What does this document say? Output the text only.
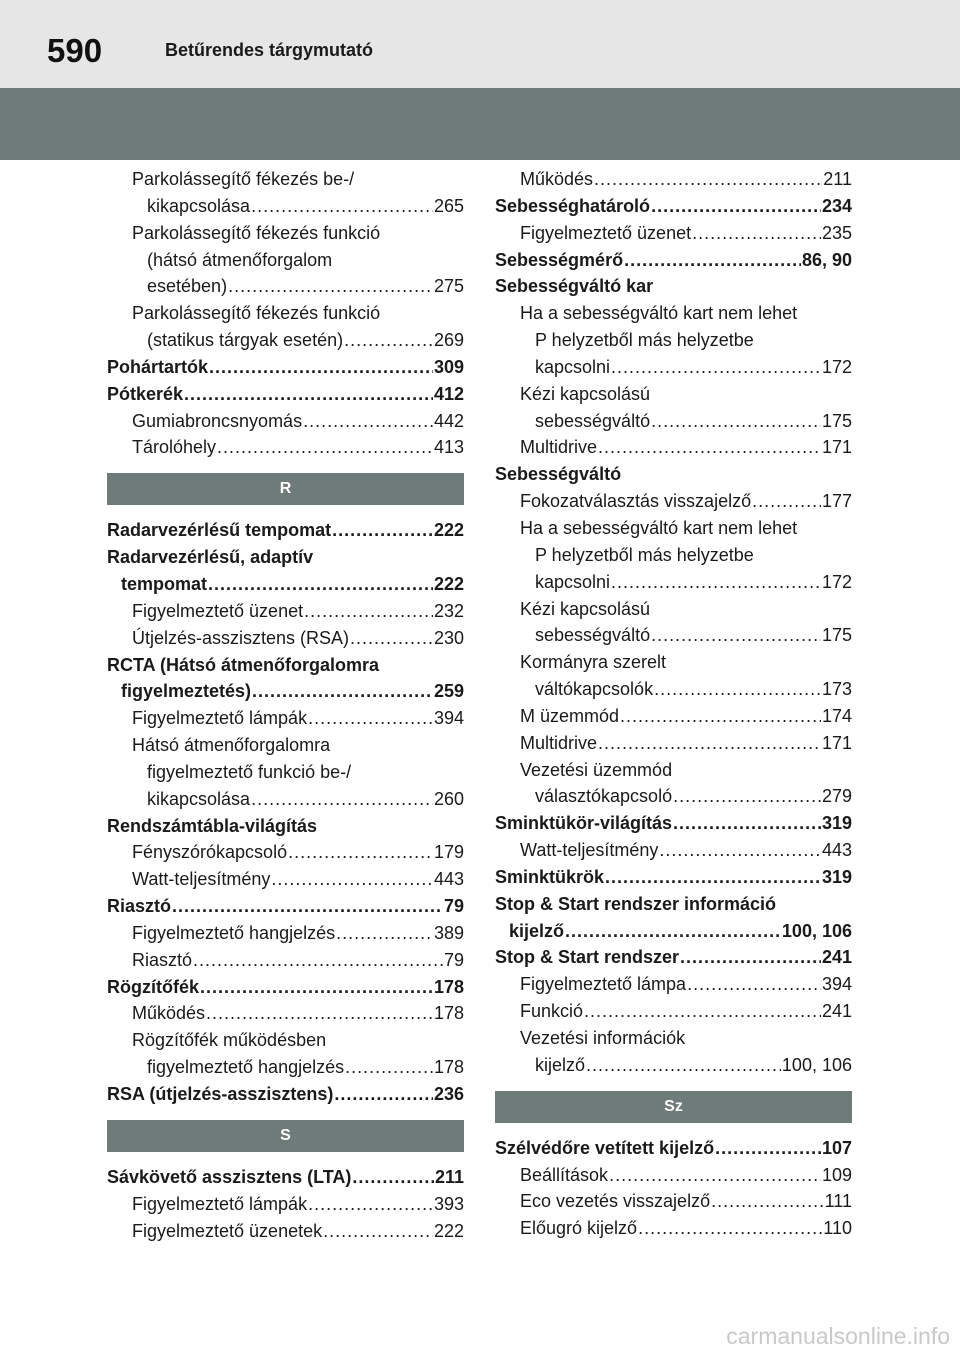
590	Betűrendes tárgymutató
Parkolássegítő fékezés be-/
kikapcsolása .....	265
Parkolássegítő fékezés funkció
(hátsó átmenőforgalom
esetében) .....	275
Parkolássegítő fékezés funkció
(statikus tárgyak esetén) .....	269
Pohártartók .....	309
Pótkerék .....	412
Gumiabroncsnyomás .....	442
Tárolóhely .....	413
R
Radarvezérlésű tempomat .....	222
Radarvezérlésű, adaptív
tempomat .....	222
Figyelmeztető üzenet .....	232
Útjelzés-asszisztens (RSA) .....	230
RCTA (Hátsó átmenőforgalomra
figyelmeztetés) .....	259
Figyelmeztető lámpák .....	394
Hátsó átmenőforgalomra
figyelmeztető funkció be-/
kikapcsolása .....	260
Rendszámtábla-világítás
Fényszórókapcsoló .....	179
Watt-teljesítmény .....	443
Riasztó .....	79
Figyelmeztető hangjelzés .....	389
Riasztó .....	79
Rögzítőfék .....	178
Működés .....	178
Rögzítőfék működésben
figyelmeztető hangjelzés .....	178
RSA (útjelzés-asszisztens) .....	236
S
Sávkövető asszisztens (LTA) .....	211
Figyelmeztető lámpák .....	393
Figyelmeztető üzenetek .....	222
Működés .....	211
Sebességhatároló .....	234
Figyelmeztető üzenet .....	235
Sebességmérő .....	86, 90
Sebességváltó kar
Ha a sebességváltó kart nem lehet
P helyzetből más helyzetbe
kapcsolni .....	172
Kézi kapcsolású
sebességváltó .....	175
Multidrive .....	171
Sebességváltó
Fokozatválasztás visszajelző .....	177
Ha a sebességváltó kart nem lehet
P helyzetből más helyzetbe
kapcsolni .....	172
Kézi kapcsolású
sebességváltó .....	175
Kormányra szerelt
váltókapcsolók .....	173
M üzemmód .....	174
Multidrive .....	171
Vezetési üzemmód
választókapcsoló .....	279
Sminktükör-világítás .....	319
Watt-teljesítmény .....	443
Sminktükrök .....	319
Stop & Start rendszer információ
kijelző .....	100, 106
Stop & Start rendszer .....	241
Figyelmeztető lámpa .....	394
Funkció .....	241
Vezetési információk
kijelző .....	100, 106
Sz
Szélvédőre vetített kijelző .....	107
Beállítások .....	109
Eco vezetés visszajelző .....	111
Előugró kijelző .....	110
carmanualsonline.info
